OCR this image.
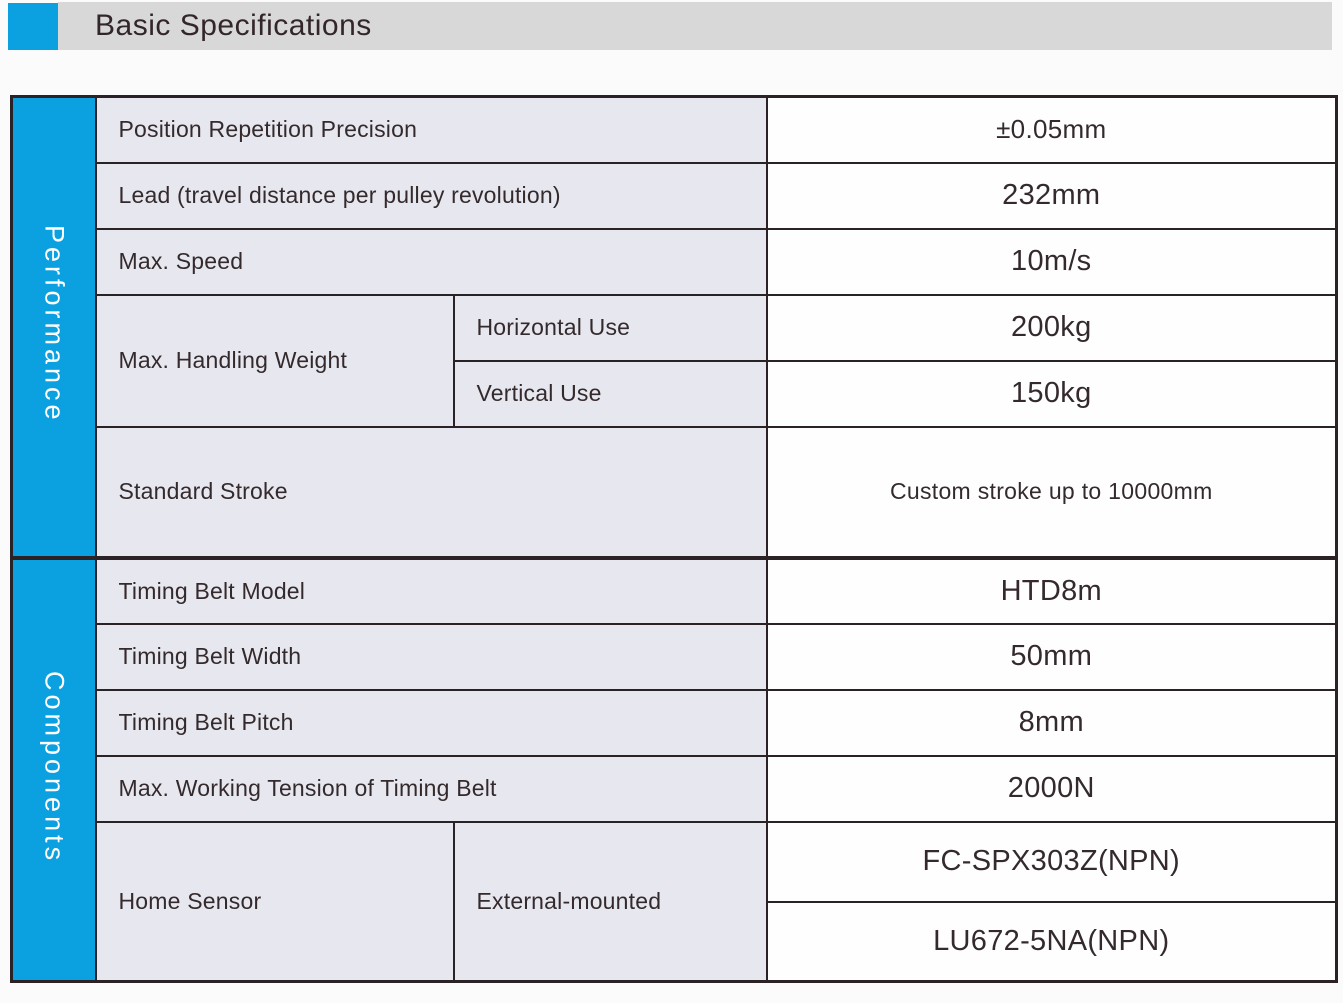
Basic Specifications
Performance	Position Repetition Precision		±0.05mm
	Lead (travel distance per pulley revolution)		232mm
	Max. Speed		10m/s
	Max. Handling Weight	Horizontal Use	200kg
		Vertical Use	150kg
	Standard Stroke		Custom stroke up to 10000mm
Components	Timing Belt Model		HTD8m
	Timing Belt Width		50mm
	Timing Belt Pitch		8mm
	Max. Working Tension of Timing Belt		2000N
	Home Sensor	External-mounted	FC-SPX303Z(NPN)
			LU672-5NA(NPN)
